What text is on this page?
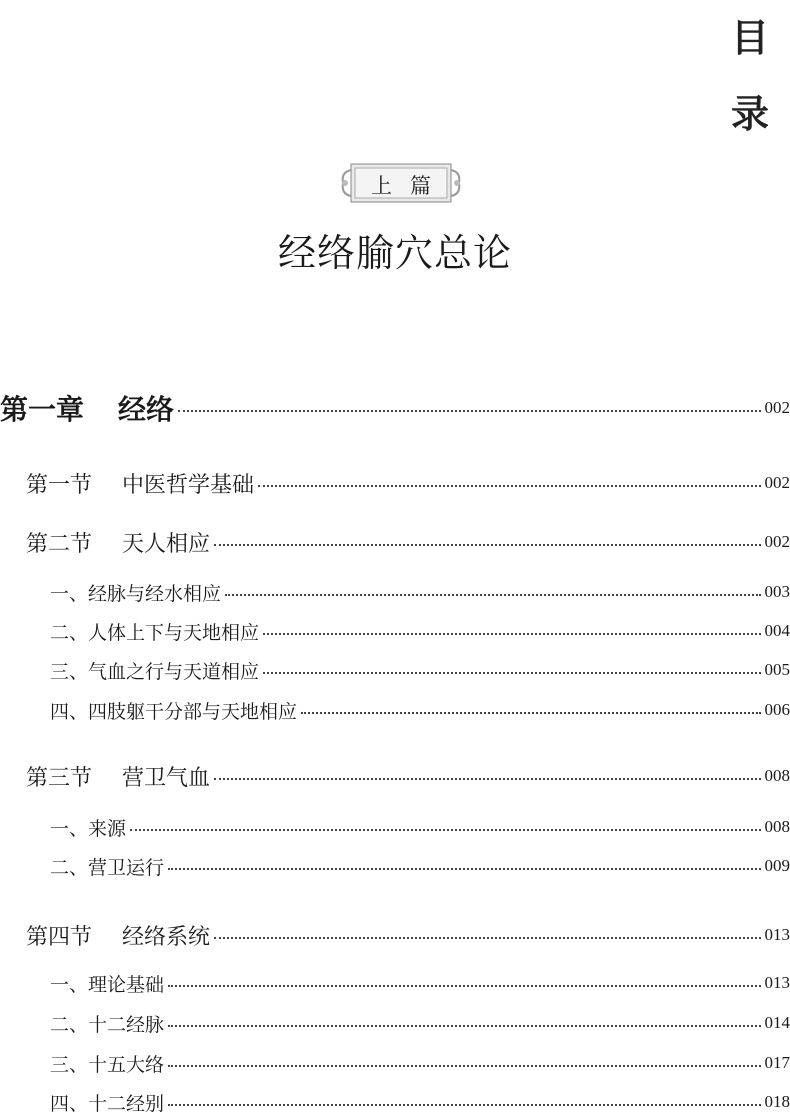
目
录
上篇
经络腧穴总论
第一章 经络	002
第一节 中医哲学基础	002
第二节 天人相应	002
一、经脉与经水相应	003
二、人体上下与天地相应	004
三、气血之行与天道相应	005
四、四肢躯干分部与天地相应	006
第三节 营卫气血	008
一、来源	008
二、营卫运行	009
第四节 经络系统	013
一、理论基础	013
二、十二经脉	014
三、十五大络	017
四、十二经别	018
